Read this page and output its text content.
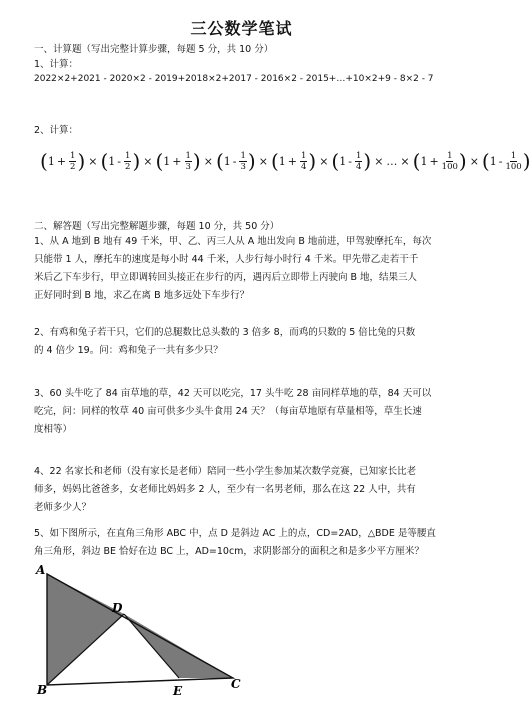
三公数学笔试
一、计算题（写出完整计算步骤，每题 5 分，共 10 分）
1、计算：
2022×2+2021 - 2020×2 - 2019+2018×2+2017 - 2016×2 - 2015+…+10×2+9 - 8×2 - 7
2、计算：
( $1 + \frac{1}{2}$ ) × ( $1 - \frac{1}{2}$ ) × ( $1 + \frac{1}{3}$ ) × ( $1 - \frac{1}{3}$ ) × ( $1 + \frac{1}{4}$ ) × ( $1 - \frac{1}{4}$ ) × … × ( $1 + \frac{1}{100}$ ) × ( $1 - \frac{1}{100}$ )
二、解答题（写出完整解题步骤，每题 10 分，共 50 分）
1、从 A 地到 B 地有 49 千米，甲、乙、丙三人从 A 地出发向 B 地前进，甲驾驶摩托车，每次
只能带 1 人，摩托车的速度是每小时 44 千米，人步行每小时行 4 千米。甲先带乙走若干千
米后乙下车步行，甲立即调转回头接正在步行的丙，遇丙后立即带上丙驶向 B 地，结果三人
正好同时到 B 地，求乙在离 B 地多远处下车步行？
2、有鸡和兔子若干只，它们的总腿数比总头数的 3 倍多 8，而鸡的只数的 5 倍比兔的只数
的 4 倍少 19。问：鸡和兔子一共有多少只？
3、60 头牛吃了 84 亩草地的草，42 天可以吃完，17 头牛吃 28 亩同样草地的草，84 天可以
吃完，问：同样的牧草 40 亩可供多少头牛食用 24 天？（每亩草地原有草量相等，草生长速
度相等）
4、22 名家长和老师（没有家长是老师）陪同一些小学生参加某次数学竞赛，已知家长比老
师多，妈妈比爸爸多，女老师比妈妈多 2 人，至少有一名男老师，那么在这 22 人中，共有
老师多少人？
5、如下图所示，在直角三角形 ABC 中，点 D 是斜边 AC 上的点，CD=2AD，△BDE 是等腰直
角三角形，斜边 BE 恰好在边 BC 上，AD=10cm，求阴影部分的面积之和是多少平方厘米？
A
B	C
D
E
